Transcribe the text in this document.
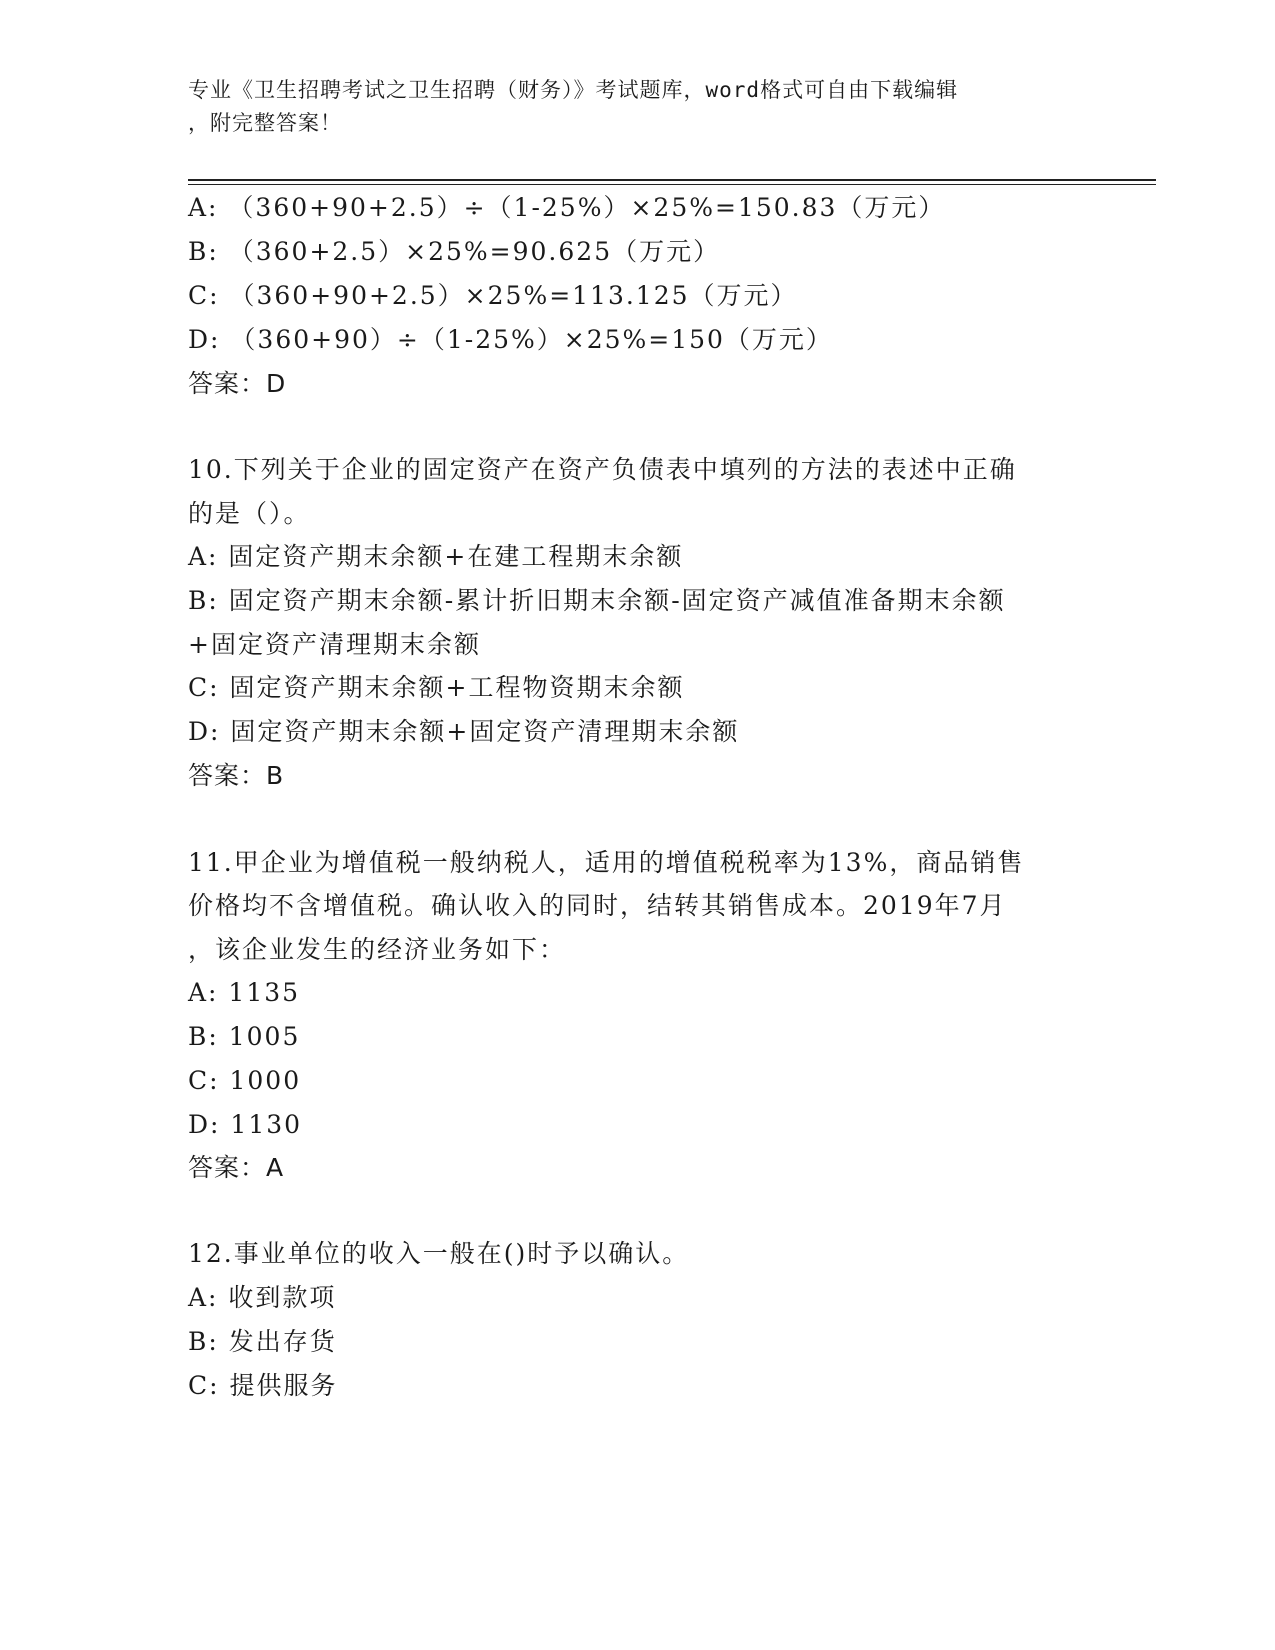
专业《卫生招聘考试之卫生招聘（财务）》考试题库，word格式可自由下载编辑
，附完整答案！
A: （360+90+2.5）÷（1-25%）×25%=150.83（万元）
B: （360+2.5）×25%=90.625（万元）
C: （360+90+2.5）×25%=113.125（万元）
D: （360+90）÷（1-25%）×25%=150（万元）
答案：D
10.下列关于企业的固定资产在资产负债表中填列的方法的表述中正确
的是（）。
A: 固定资产期末余额+在建工程期末余额
B: 固定资产期末余额-累计折旧期末余额-固定资产减值准备期末余额
+固定资产清理期末余额
C: 固定资产期末余额+工程物资期末余额
D: 固定资产期末余额+固定资产清理期末余额
答案：B
11.甲企业为增值税一般纳税人，适用的增值税税率为13%，商品销售
价格均不含增值税。确认收入的同时，结转其销售成本。2019年7月
，该企业发生的经济业务如下：
A: 1135
B: 1005
C: 1000
D: 1130
答案：A
12.事业单位的收入一般在()时予以确认。
A: 收到款项
B: 发出存货
C: 提供服务
